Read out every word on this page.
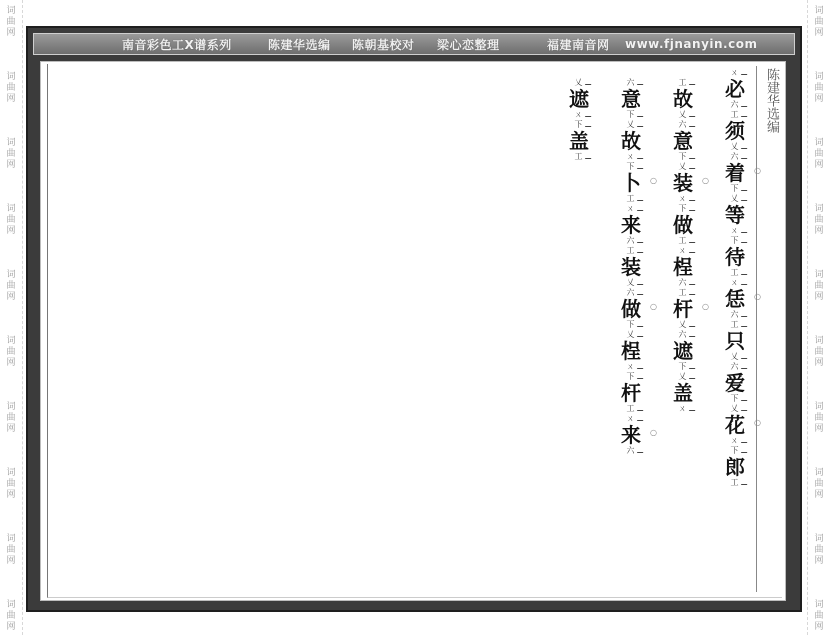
词
曲
网
词
曲
网
词
曲
网
词
曲
网
词
曲
网
词
曲
网
词
曲
网
词
曲
网
词
曲
网
词
曲
网
词
曲
网
词
曲
网
词
曲
网
词
曲
网
词
曲
网
词
曲
网
词
曲
网
词
曲
网
词
曲
网
词
曲
网
南音彩色工X谱系列	陈建华选编 陈朝基校对 梁心恋整理	福建南音网 www.fjnanyin.com
陈建华选编
ㄨ
必
六
工
须
乂
六
着
下
○
乂
等
ㄨ
下
待
工
ㄨ
恁
六
○
工
只
乂
六
爱
下
乂
花
ㄨ
○
下
郎
工
工
故
乂
六
意
下
乂
装
ㄨ
○
下
做
工
ㄨ
桯
六
工
杆
乂
○
六
遮
下
乂
盖
ㄨ
六
意
下
乂
故
ㄨ
下
卜
工
○
ㄨ
来
六
工
装
乂
六
做
下
○
乂
桯
ㄨ
下
杆
工
ㄨ
来
六
○
乂
遮
ㄨ
下
盖
工
